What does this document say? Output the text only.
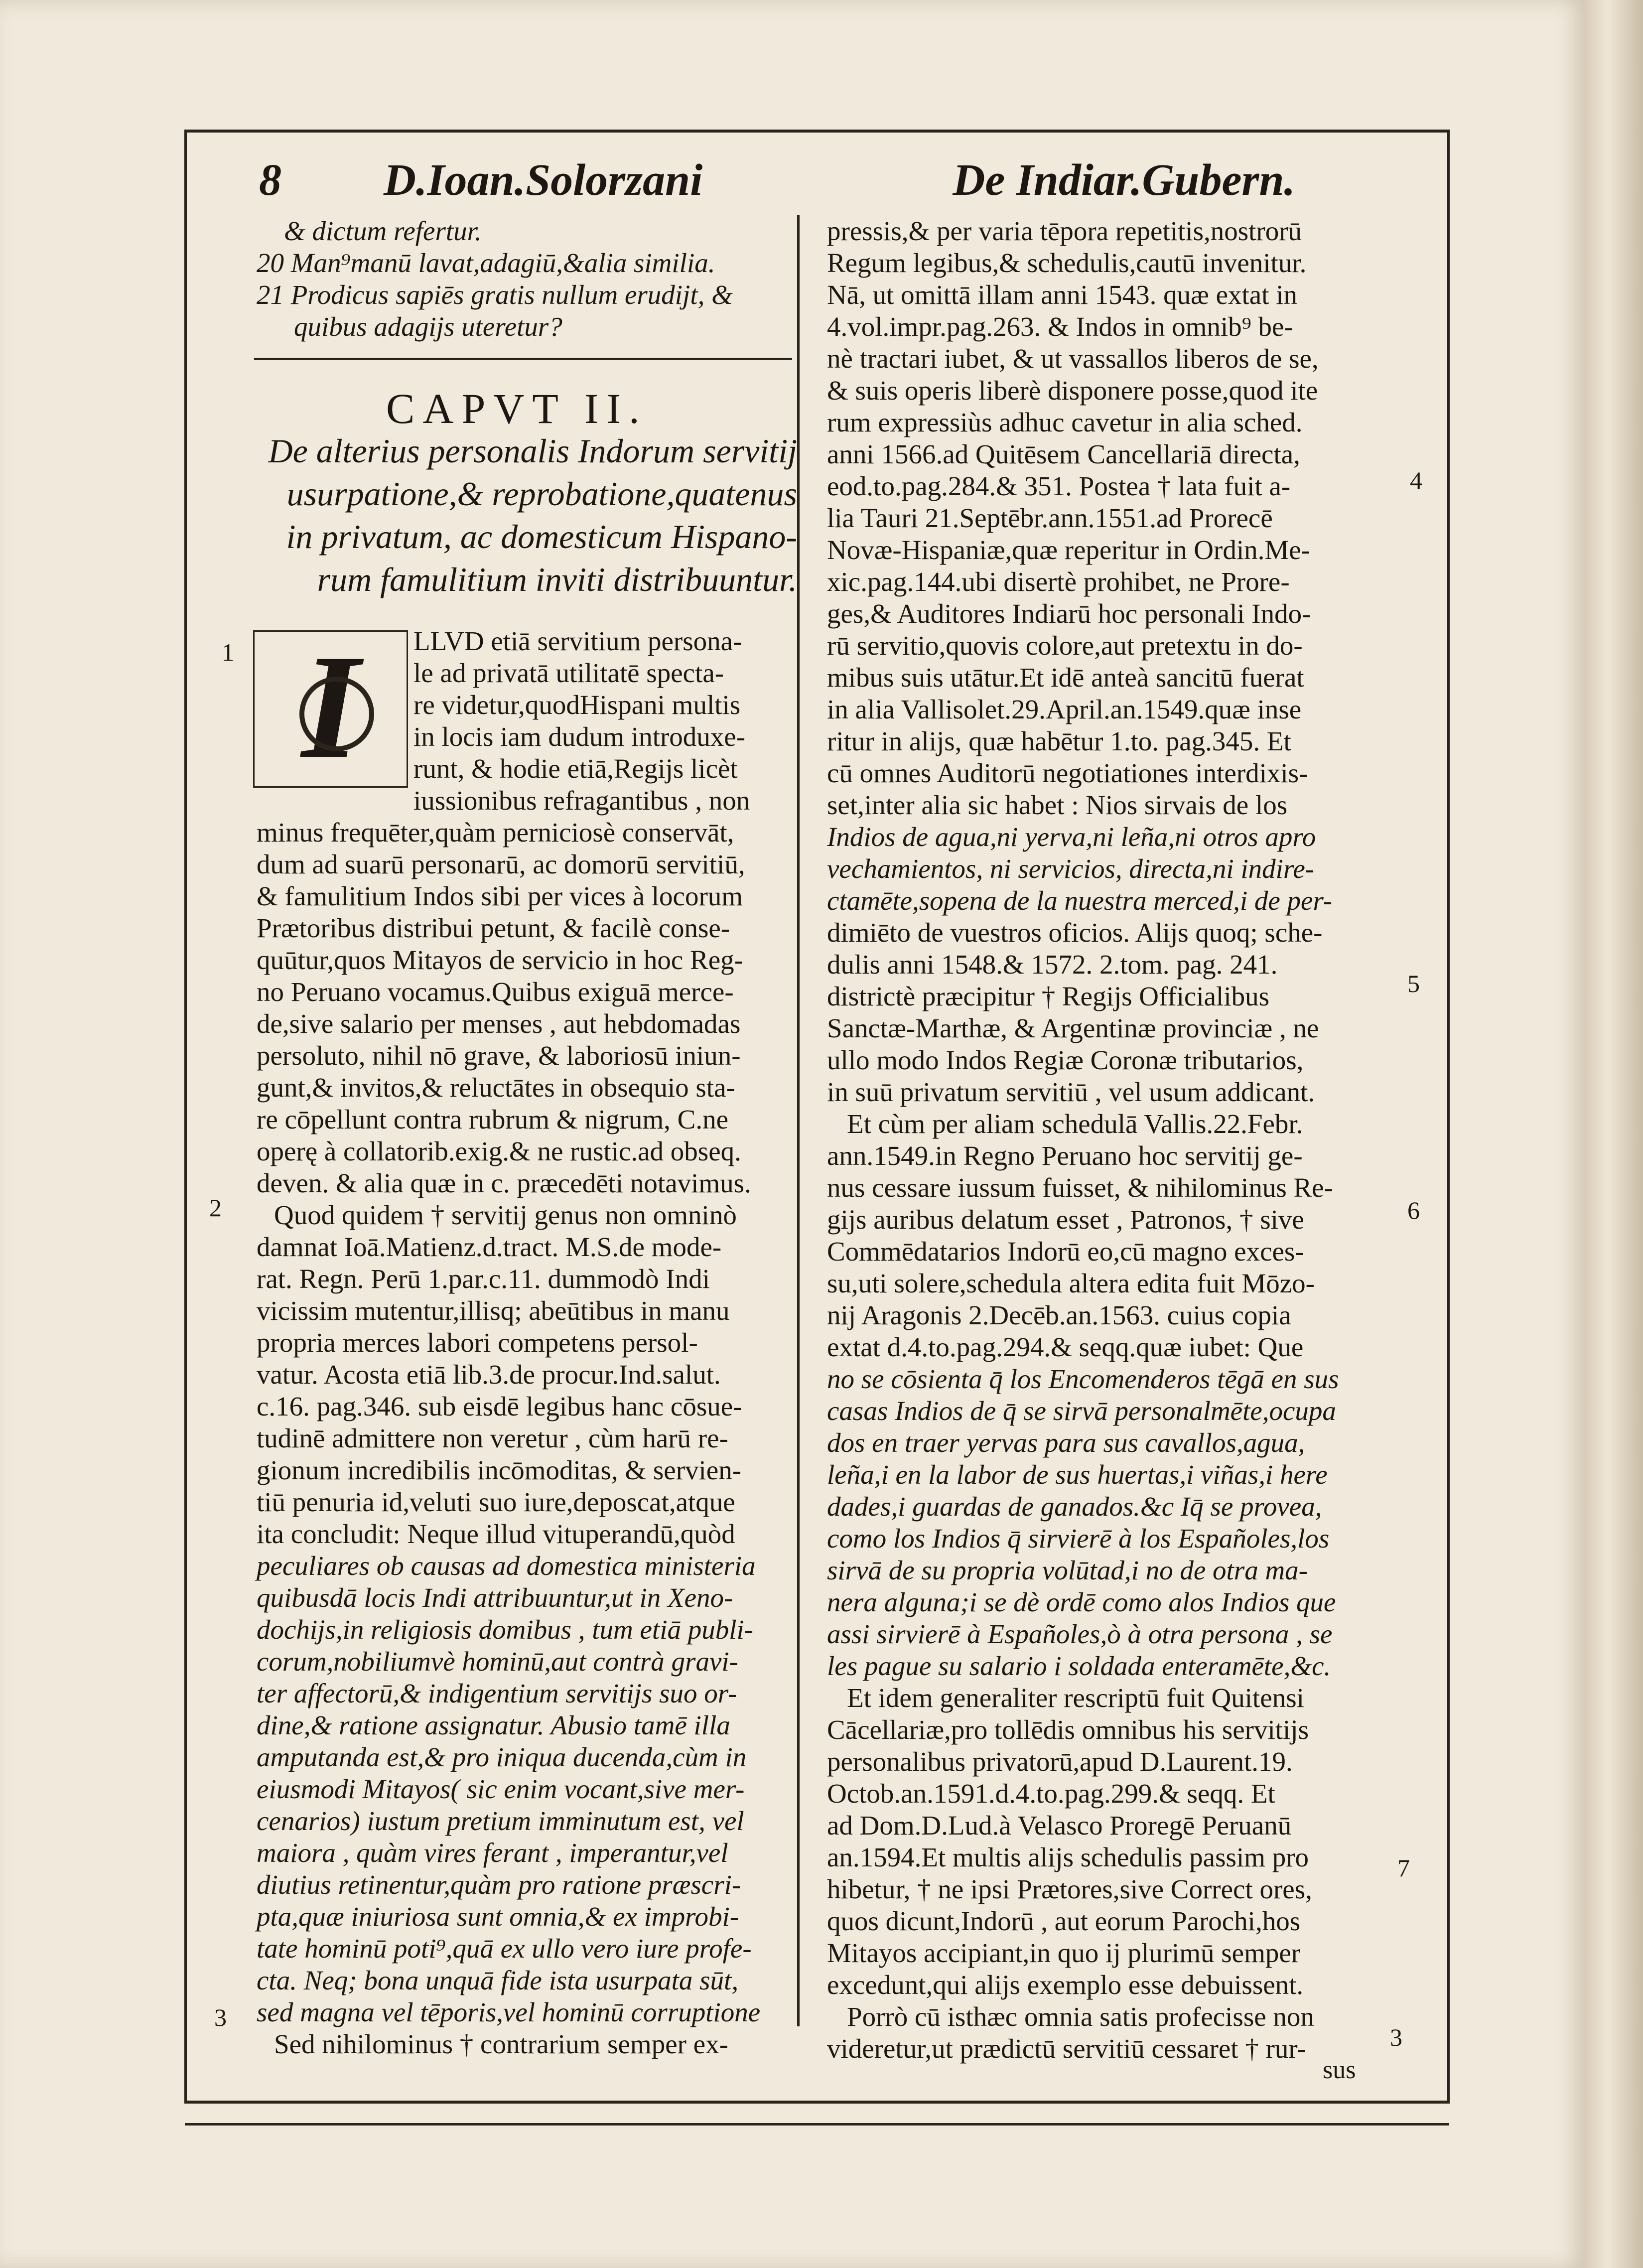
8 D.Ioan.Solorzani	De Indiar.Gubern.
& dictum refertur.
20 Man⁹manū lavat,adagiū,&alia similia.
21 Prodicus sapiēs gratis nullum erudijt, &
quibus adagijs uteretur?
De alterius personalis Indorum servitij
usurpatione,& reprobatione,quatenus
in privatum, ac domesticum Hispano-
rum famulitium inviti distribuuntur.
LLVD etiā servitium persona-
le ad privatā utilitatē specta-
re videtur,quodHispani multis
in locis iam dudum introduxe-
runt, & hodie etiā,Regijs licèt
iussionibus refragantibus , non
minus frequēter,quàm perniciosè conservāt,
dum ad suarū personarū, ac domorū servitiū,
& famulitium Indos sibi per vices à locorum
Prætoribus distribui petunt, & facilè conse-
quūtur,quos Mitayos de servicio in hoc Reg-
no Peruano vocamus.Quibus exiguā merce-
de,sive salario per menses , aut hebdomadas
persoluto, nihil nō grave, & laboriosū iniun-
gunt,& invitos,& reluctātes in obsequio sta-
re cōpellunt contra rubrum & nigrum, C.ne
operę à collatorib.exig.& ne rustic.ad obseq.
deven. & alia quæ in c. præcedēti notavimus.
Quod quidem † servitij genus non omninò
damnat Ioā.Matienz.d.tract. M.S.de mode-
rat. Regn. Perū 1.par.c.11. dummodò Indi
vicissim mutentur,illisq; abeūtibus in manu
propria merces labori competens persol-
vatur. Acosta etiā lib.3.de procur.Ind.salut.
c.16. pag.346. sub eisdē legibus hanc cōsue-
tudinē admittere non veretur , cùm harū re-
gionum incredibilis incōmoditas, & servien-
tiū penuria id,veluti suo iure,deposcat,atque
ita concludit: Neque illud vituperandū,quòd
peculiares ob causas ad domestica ministeria
quibusdā locis Indi attribuuntur,ut in Xeno-
dochijs,in religiosis domibus , tum etiā publi-
corum,nobiliumvè hominū,aut contrà gravi-
ter affectorū,& indigentium servitijs suo or-
dine,& ratione assignatur. Abusio tamē illa
amputanda est,& pro iniqua ducenda,cùm in
eiusmodi Mitayos( sic enim vocant,sive mer-
cenarios) iustum pretium imminutum est, vel
maiora , quàm vires ferant , imperantur,vel
diutius retinentur,quàm pro ratione præscri-
pta,quæ iniuriosa sunt omnia,& ex improbi-
tate hominū poti⁹,quā ex ullo vero iure profe-
cta. Neq; bona unquā fide ista usurpata sūt,
sed magna vel tēporis,vel hominū corruptione
Sed nihilominus † contrarium semper ex-
CAPVT II.
I
pressis,& per varia tēpora repetitis,nostrorū
Regum legibus,& schedulis,cautū invenitur.
Nā, ut omittā illam anni 1543. quæ extat in
4.vol.impr.pag.263. & Indos in omnib⁹ be-
nè tractari iubet, & ut vassallos liberos de se,
& suis operis liberè disponere posse,quod ite
rum expressiùs adhuc cavetur in alia sched.
anni 1566.ad Quitēsem Cancellariā directa,
eod.to.pag.284.& 351. Postea † lata fuit a-
lia Tauri 21.Septēbr.ann.1551.ad Prorecē
Novæ-Hispaniæ,quæ reperitur in Ordin.Me-
xic.pag.144.ubi disertè prohibet, ne Prore-
ges,& Auditores Indiarū hoc personali Indo-
rū servitio,quovis colore,aut pretextu in do-
mibus suis utātur.Et idē anteà sancitū fuerat
in alia Vallisolet.29.April.an.1549.quæ inse
ritur in alijs, quæ habētur 1.to. pag.345. Et
cū omnes Auditorū negotiationes interdixis-
set,inter alia sic habet : Nios sirvais de los
Indios de agua,ni yerva,ni leña,ni otros apro
vechamientos, ni servicios, directa,ni indire-
ctamēte,sopena de la nuestra merced,i de per-
dimiēto de vuestros oficios. Alijs quoq; sche-
dulis anni 1548.& 1572. 2.tom. pag. 241.
districtè præcipitur † Regijs Officialibus
Sanctæ-Marthæ, & Argentinæ provinciæ , ne
ullo modo Indos Regiæ Coronæ tributarios,
in suū privatum servitiū , vel usum addicant.
Et cùm per aliam schedulā Vallis.22.Febr.
ann.1549.in Regno Peruano hoc servitij ge-
nus cessare iussum fuisset, & nihilominus Re-
gijs auribus delatum esset , Patronos, † sive
Commēdatarios Indorū eo,cū magno exces-
su,uti solere,schedula altera edita fuit Mōzo-
nij Aragonis 2.Decēb.an.1563. cuius copia
extat d.4.to.pag.294.& seqq.quæ iubet: Que
no se cōsienta q̄ los Encomenderos tēgā en sus
casas Indios de q̄ se sirvā personalmēte,ocupa
dos en traer yervas para sus cavallos,agua,
leña,i en la labor de sus huertas,i viñas,i here
dades,i guardas de ganados.&c Iq̄ se provea,
como los Indios q̄ sirvierē à los Españoles,los
sirvā de su propria volūtad,i no de otra ma-
nera alguna;i se dè ordē como alos Indios que
assi sirvierē à Españoles,ò à otra persona , se
les pague su salario i soldada enteramēte,&c.
Et idem generaliter rescriptū fuit Quitensi
Cācellariæ,pro tollēdis omnibus his servitijs
personalibus privatorū,apud D.Laurent.19.
Octob.an.1591.d.4.to.pag.299.& seqq. Et
ad Dom.D.Lud.à Velasco Proregē Peruanū
an.1594.Et multis alijs schedulis passim pro
hibetur, † ne ipsi Prætores,sive Correct ores,
quos dicunt,Indorū , aut eorum Parochi,hos
Mitayos accipiant,in quo ij plurimū semper
excedunt,qui alijs exemplo esse debuissent.
Porrò cū isthæc omnia satis profecisse non
videretur,ut prædictū servitiū cessaret † rur-
1
2
3
4
5
6
7
3
sus
